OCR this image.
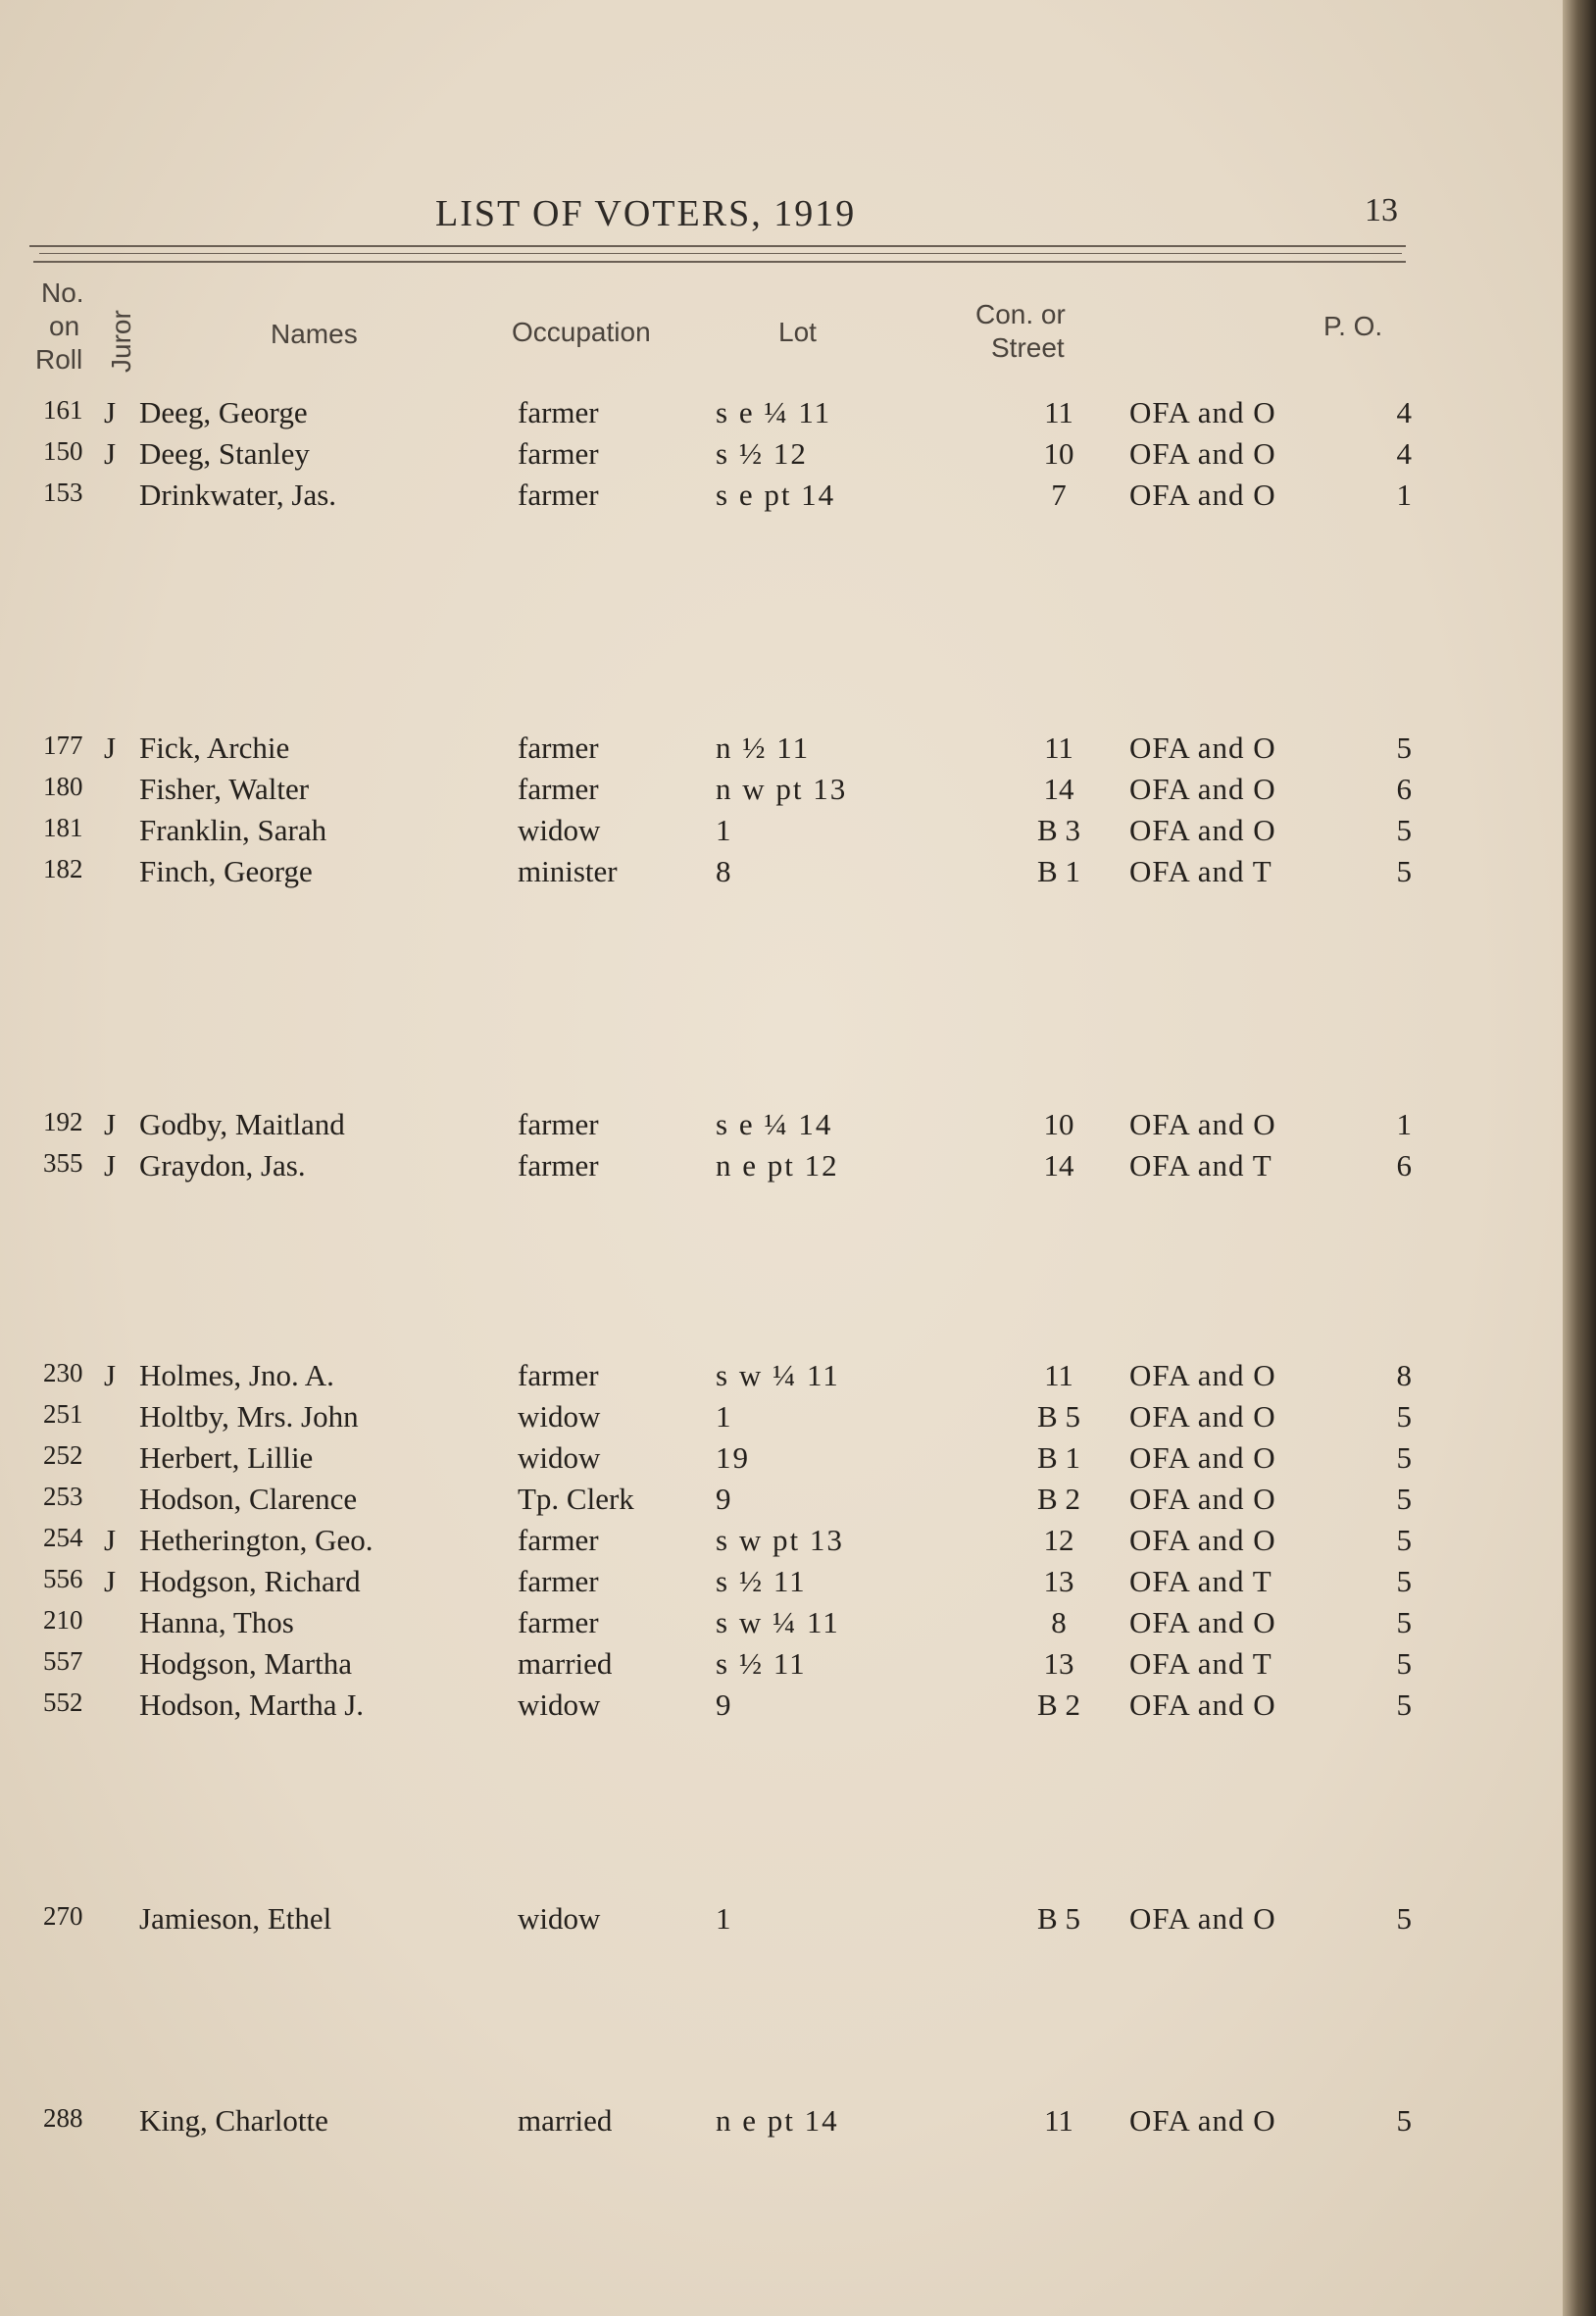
LIST OF VOTERS, 1919	13
No.
on
Roll Juror	Names	Occupation	Lot
Con. or
Street
P. O.
161 J Deeg, George	farmer	s e ¼ 11	11	OFA and O	4
150 J Deeg, Stanley	farmer	s ½ 12	10	OFA and O	4
153	Drinkwater, Jas.	farmer	s e pt 14	7	OFA and O	1
177 J Fick, Archie	farmer	n ½ 11	11	OFA and O	5
180	Fisher, Walter	farmer	n w pt 13	14	OFA and O	6
181	Franklin, Sarah	widow	1	B 3	OFA and O	5
182	Finch, George	minister	8	B 1	OFA and T	5
192 J Godby, Maitland	farmer	s e ¼ 14	10	OFA and O	1
355 J Graydon, Jas.	farmer	n e pt 12	14	OFA and T	6
230 J Holmes, Jno. A.	farmer	s w ¼ 11	11	OFA and O	8
251	Holtby, Mrs. John	widow	1	B 5	OFA and O	5
252	Herbert, Lillie	widow	19	B 1	OFA and O	5
253	Hodson, Clarence	Tp. Clerk	9	B 2	OFA and O	5
254 J Hetherington, Geo.	farmer	s w pt 13	12	OFA and O	5
556 J Hodgson, Richard	farmer	s ½ 11	13	OFA and T	5
210	Hanna, Thos	farmer	s w ¼ 11	8	OFA and O	5
557	Hodgson, Martha	married	s ½ 11	13	OFA and T	5
552	Hodson, Martha J.	widow	9	B 2	OFA and O	5
270	Jamieson, Ethel	widow	1	B 5	OFA and O	5
288	King, Charlotte	married	n e pt 14	11	OFA and O	5
